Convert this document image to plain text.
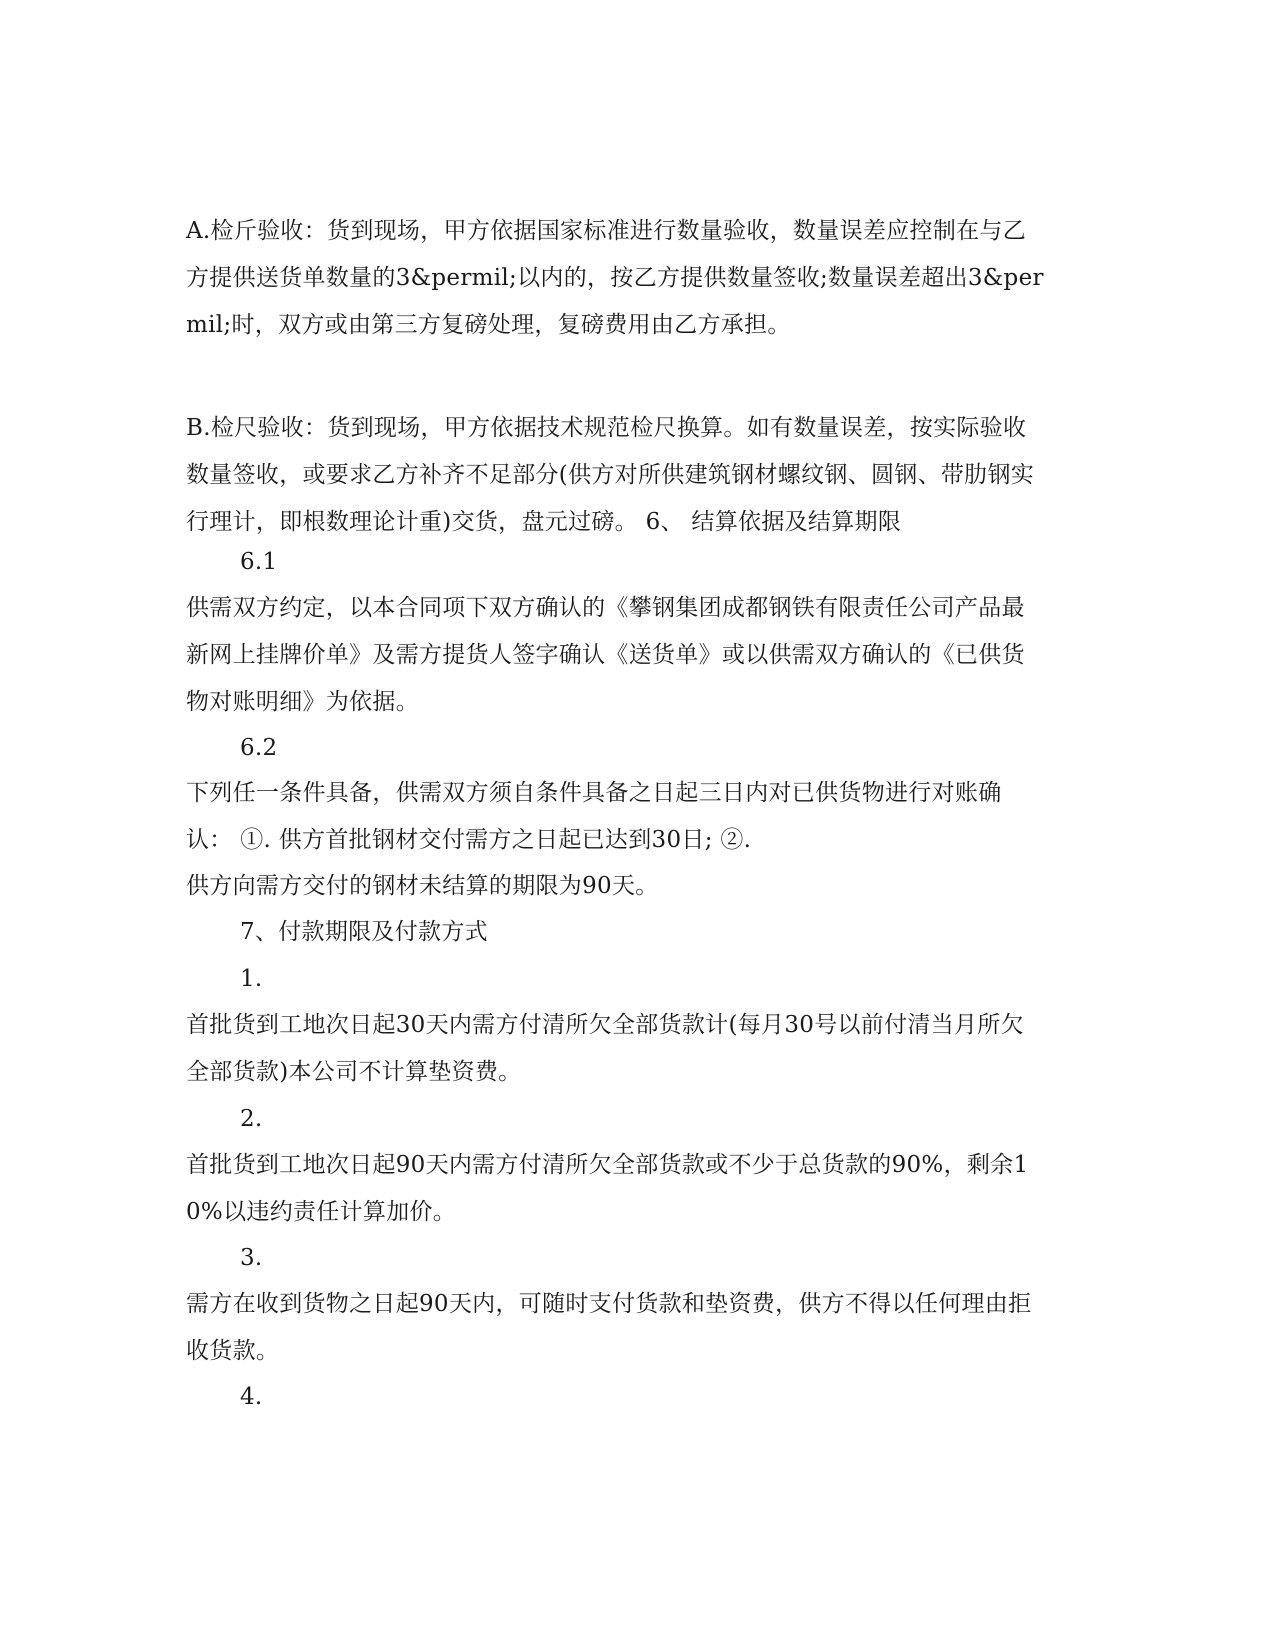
A.检斤验收：货到现场，甲方依据国家标准进行数量验收，数量误差应控制在与乙方提供送货单数量的3&permil;以内的，按乙方提供数量签收;数量误差超出3&permil;时，双方或由第三方复磅处理，复磅费用由乙方承担。

B.检尺验收：货到现场，甲方依据技术规范检尺换算。如有数量误差，按实际验收数量签收，或要求乙方补齐不足部分(供方对所供建筑钢材螺纹钢、圆钢、带肋钢实行理计，即根数理论计重)交货，盘元过磅。 6、 结算依据及结算期限

6.1

供需双方约定，以本合同项下双方确认的《攀钢集团成都钢铁有限责任公司产品最新网上挂牌价单》及需方提货人签字确认《送货单》或以供需双方确认的《已供货物对账明细》为依据。

6.2

下列任一条件具备，供需双方须自条件具备之日起三日内对已供货物进行对账确认： ①. 供方首批钢材交付需方之日起已达到30日; ②.

供方向需方交付的钢材未结算的期限为90天。

7、付款期限及付款方式

1.

首批货到工地次日起30天内需方付清所欠全部货款计(每月30号以前付清当月所欠全部货款)本公司不计算垫资费。

2.

首批货到工地次日起90天内需方付清所欠全部货款或不少于总货款的90%，剩余10%以违约责任计算加价。

3.

需方在收到货物之日起90天内，可随时支付货款和垫资费，供方不得以任何理由拒收货款。

4.
